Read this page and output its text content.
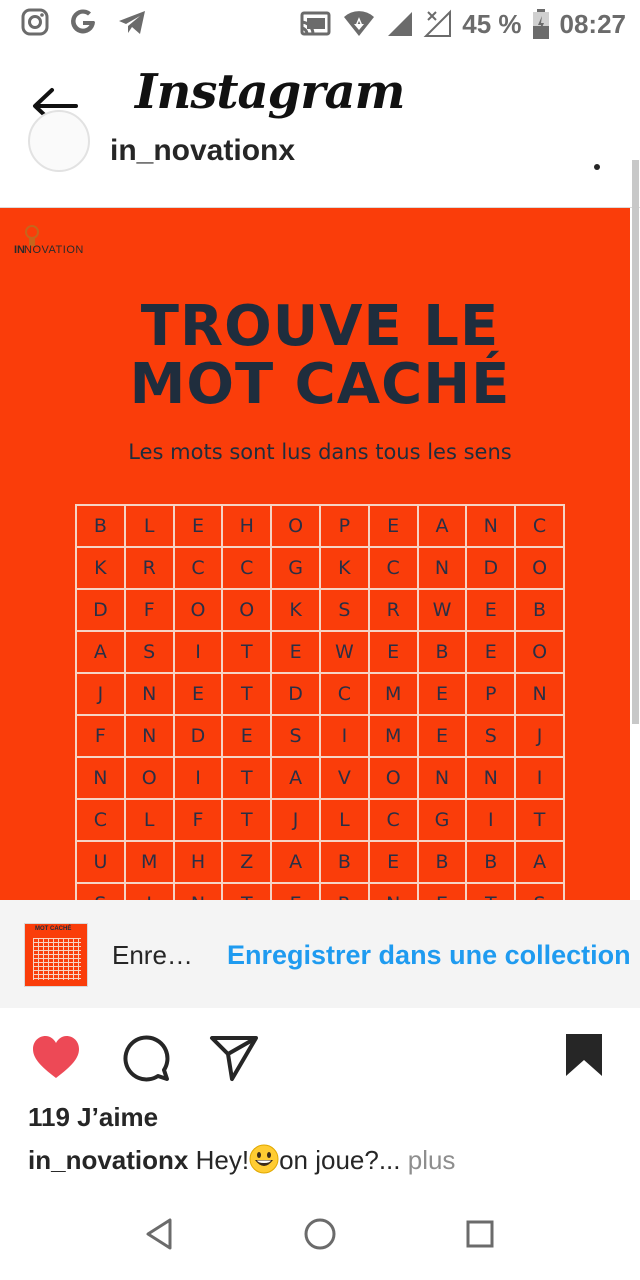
45 % 08:27
Instagram
in_novationx
IN NOVATION
TROUVE LE
MOT CACHÉ
Les mots sont lus dans tous les sens
B	L	E	H	O	P	E	A	N	C
K	R	C	C	G	K	C	N	D	O
D	F	O	O	K	S	R	W	E	B
A	S	I	T	E	W	E	B	E	O
J	N	E	T	D	C	M	E	P	N
F	N	D	E	S	I	M	E	S	J
N	O	I	T	A	V	O	N	N	I
C	L	F	T	J	L	C	G	I	T
U	M	H	Z	A	B	E	B	B	A
MOT CACHÉ
Enre… Enregistrer dans une collection
119 J’aime
in_novationx Hey! on joue?... plus
